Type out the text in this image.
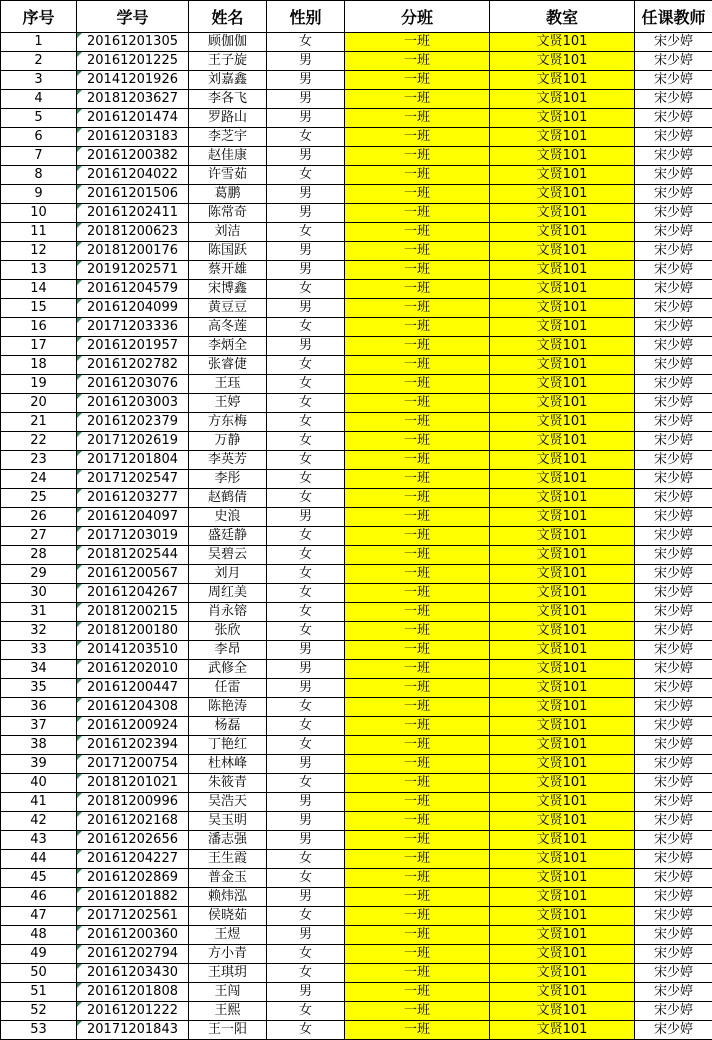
序号	学号	姓名	性别	分班	教室	任课教师
1	20161201305	顾伽伽	女	一班	文贤101	宋少婷
2	20161201225	王子旋	男	一班	文贤101	宋少婷
3	20141201926	刘嘉鑫	男	一班	文贤101	宋少婷
4	20181203627	李各飞	男	一班	文贤101	宋少婷
5	20161201474	罗路山	男	一班	文贤101	宋少婷
6	20161203183	李芝宇	女	一班	文贤101	宋少婷
7	20161200382	赵佳康	男	一班	文贤101	宋少婷
8	20161204022	许雪茹	女	一班	文贤101	宋少婷
9	20161201506	葛鹏	男	一班	文贤101	宋少婷
10	20161202411	陈常奇	男	一班	文贤101	宋少婷
11	20181200623	刘洁	女	一班	文贤101	宋少婷
12	20181200176	陈国跃	男	一班	文贤101	宋少婷
13	20191202571	蔡开雄	男	一班	文贤101	宋少婷
14	20161204579	宋博鑫	女	一班	文贤101	宋少婷
15	20161204099	黄豆豆	男	一班	文贤101	宋少婷
16	20171203336	高冬莲	女	一班	文贤101	宋少婷
17	20161201957	李炳全	男	一班	文贤101	宋少婷
18	20161202782	张睿倢	女	一班	文贤101	宋少婷
19	20161203076	王珏	女	一班	文贤101	宋少婷
20	20161203003	王婷	女	一班	文贤101	宋少婷
21	20161202379	方东梅	女	一班	文贤101	宋少婷
22	20171202619	万静	女	一班	文贤101	宋少婷
23	20171201804	李英芳	女	一班	文贤101	宋少婷
24	20171202547	李彤	女	一班	文贤101	宋少婷
25	20161203277	赵鹤倩	女	一班	文贤101	宋少婷
26	20161204097	史浪	男	一班	文贤101	宋少婷
27	20171203019	盛廷静	女	一班	文贤101	宋少婷
28	20181202544	吴碧云	女	一班	文贤101	宋少婷
29	20161200567	刘月	女	一班	文贤101	宋少婷
30	20161204267	周红美	女	一班	文贤101	宋少婷
31	20181200215	肖永镕	女	一班	文贤101	宋少婷
32	20181200180	张欣	女	一班	文贤101	宋少婷
33	20141203510	李昂	男	一班	文贤101	宋少婷
34	20161202010	武修全	男	一班	文贤101	宋少婷
35	20161200447	任雷	男	一班	文贤101	宋少婷
36	20161204308	陈艳涛	女	一班	文贤101	宋少婷
37	20161200924	杨磊	女	一班	文贤101	宋少婷
38	20161202394	丁艳红	女	一班	文贤101	宋少婷
39	20171200754	杜林峰	男	一班	文贤101	宋少婷
40	20181201021	朱筱青	女	一班	文贤101	宋少婷
41	20181200996	吴浩天	男	一班	文贤101	宋少婷
42	20161202168	吴玉明	男	一班	文贤101	宋少婷
43	20161202656	潘志强	男	一班	文贤101	宋少婷
44	20161204227	王生霞	女	一班	文贤101	宋少婷
45	20161202869	普金玉	女	一班	文贤101	宋少婷
46	20161201882	赖炜泓	男	一班	文贤101	宋少婷
47	20171202561	侯晓茹	女	一班	文贤101	宋少婷
48	20161200360	王煜	男	一班	文贤101	宋少婷
49	20161202794	方小青	女	一班	文贤101	宋少婷
50	20161203430	王琪玥	女	一班	文贤101	宋少婷
51	20161201808	王闯	男	一班	文贤101	宋少婷
52	20161201222	王熙	女	一班	文贤101	宋少婷
53	20171201843	王一阳	女	一班	文贤101	宋少婷
